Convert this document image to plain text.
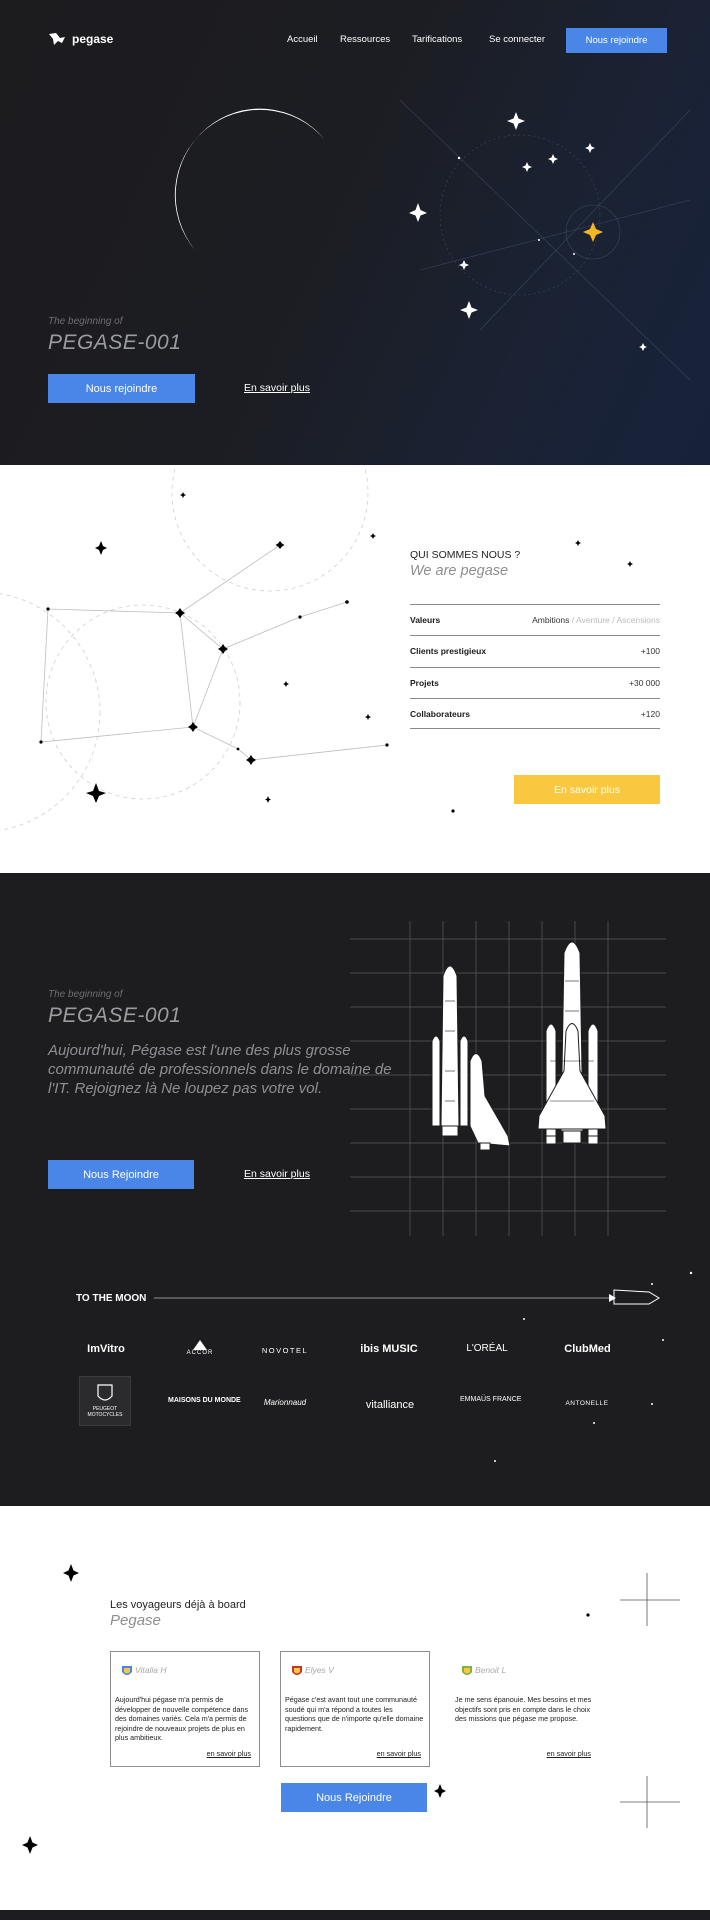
pegase	Accueil Ressources Tarifications	Se connecter	Nous rejoindre
The beginning of
PEGASE-001
Nous rejoindre	En savoir plus
QUI SOMMES NOUS ?
We are pegase
Valeurs	Ambitions / Aventure / Ascensions
Clients prestigieux	+100
Projets	+30 000
Collaborateurs	+120
En savoir plus
The beginning of
PEGASE-001

Aujourd'hui, Pégase est l'une des plus grosse communauté de professionnels dans le domaine de l'IT. Rejoignez là Ne loupez pas votre vol.

Nous Rejoindre	En savoir plus
TO THE MOON
ImVitro	ACCOR	NOVOTEL	ibis MUSIC	L'ORÉAL	ClubMed
PEUGEOT MOTOCYCLES
MAISONS DU MONDE	Marionnaud	vitalliance	EMMAÜS FRANCE
ANTONELLE
Les voyageurs déjà à board
Pegase
Vitalia H

Aujourd'hui pégase m'a permis de développer de nouvelle compétence dans des domaines variés. Cela m'a permis de rejoindre de nouveaux projets de plus en plus ambitieux.

en savoir plus
Elyes V

Pégase c'est avant tout une communauté soudé qui m'a répond a toutes les questions que de n'importe qu'elle domaine rapidement.

en savoir plus
Benoit L

Je me sens épanouie. Mes besoins et mes objectifs sont pris en compte dans le choix des missions que pégase me propose.

en savoir plus
Nous Rejoindre
